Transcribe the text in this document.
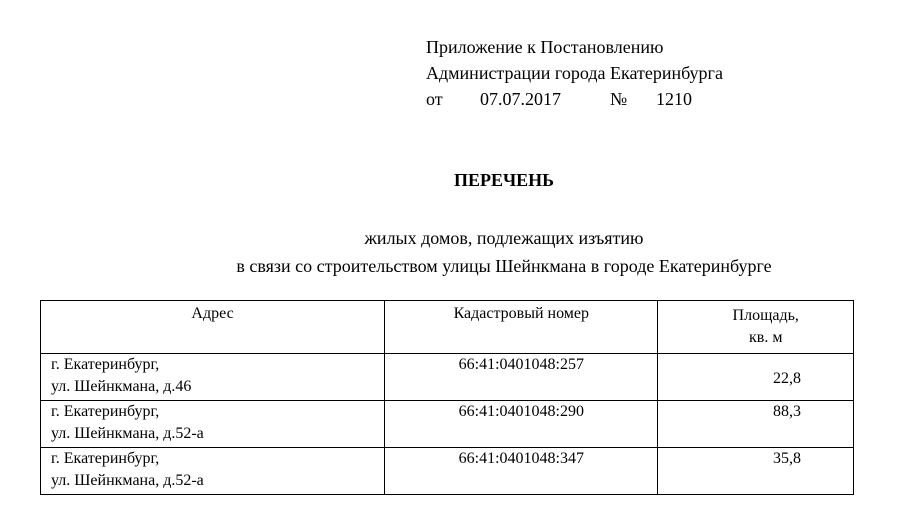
Приложение к Постановлению
Администрации города Екатеринбурга
от 07.07.2017	№ 1210
ПЕРЕЧЕНЬ
жилых домов, подлежащих изъятию
в связи со строительством улицы Шейнкмана в городе Екатеринбурге
Адрес	Кадастровый номер	Площадь,
кв. м

г. Екатеринбург,
ул. Шейнкмана, д.46	66:41:0401048:257	22,8

г. Екатеринбург,
ул. Шейнкмана, д.52-а	66:41:0401048:290	88,3

г. Екатеринбург,
ул. Шейнкмана, д.52-а	66:41:0401048:347	35,8
